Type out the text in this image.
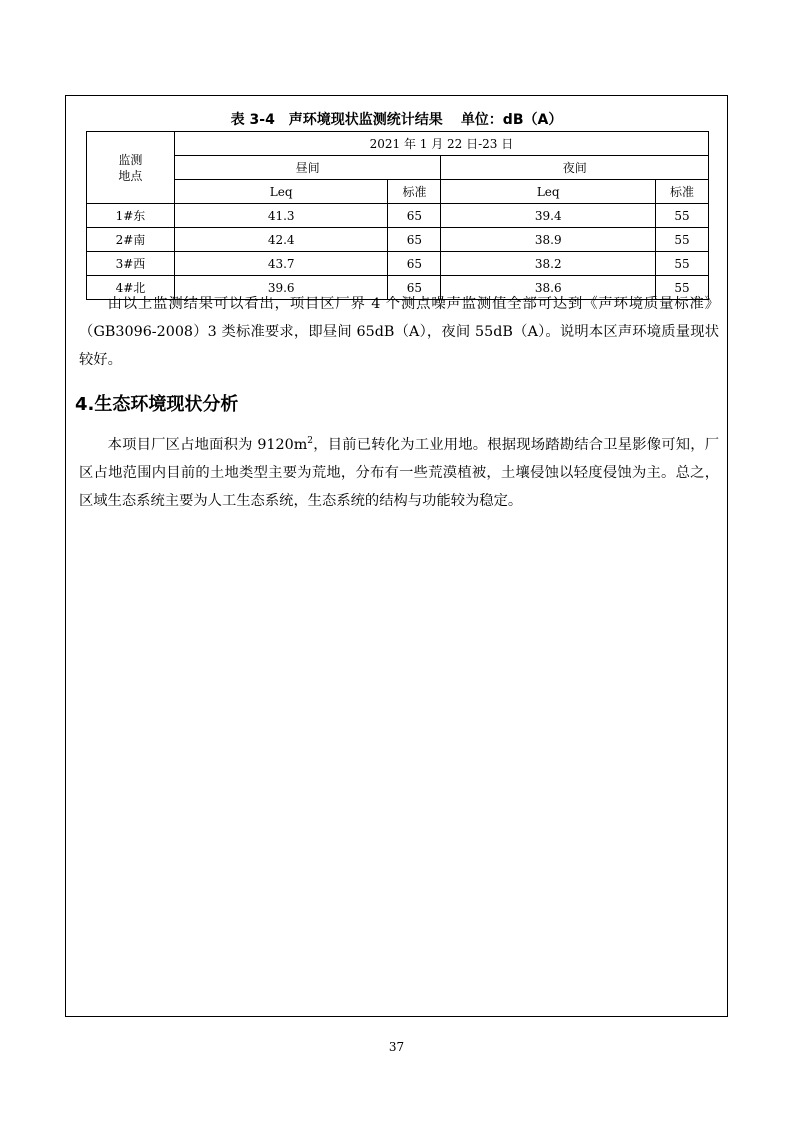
表 3-4　声环境现状监测统计结果 单位：dB（A）
监测
地点	2021 年 1 月 22 日-23 日			
	昼间		夜间	
	Leq	标准	Leq	标准
1#东	41.3	65	39.4	55
2#南	42.4	65	38.9	55
3#西	43.7	65	38.2	55
4#北	39.6	65	38.6	55

由以上监测结果可以看出，项目区厂界 4 个测点噪声监测值全部可达到《声环境质量标准》（GB3096-2008）3 类标准要求，即昼间 65dB（A），夜间 55dB（A）。说明本区声环境质量现状较好。

4.生态环境现状分析

本项目厂区占地面积为 $9120m^2$，目前已转化为工业用地。根据现场踏勘结合卫星影像可知，厂区占地范围内目前的土地类型主要为荒地，分布有一些荒漠植被，土壤侵蚀以轻度侵蚀为主。总之，区域生态系统主要为人工生态系统，生态系统的结构与功能较为稳定。

37
